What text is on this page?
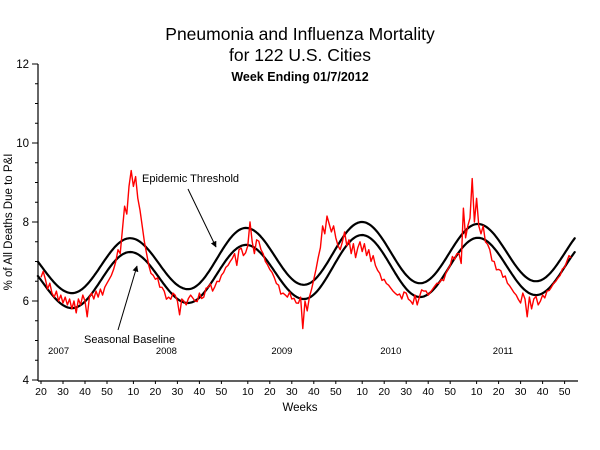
Pneumonia and Influenza Mortality
for 122 U.S. Cities
Week Ending 01/7/2012
4
6
8
10
12
20 30 40 50 10 20 30 40 50 10 20 30 40 50 10 20 30 40 50 10 20 30 40 50
2007	2008	2009	2010	2011
% of All Deaths Due to P&I
Weeks
Epidemic Threshold
Seasonal Baseline
